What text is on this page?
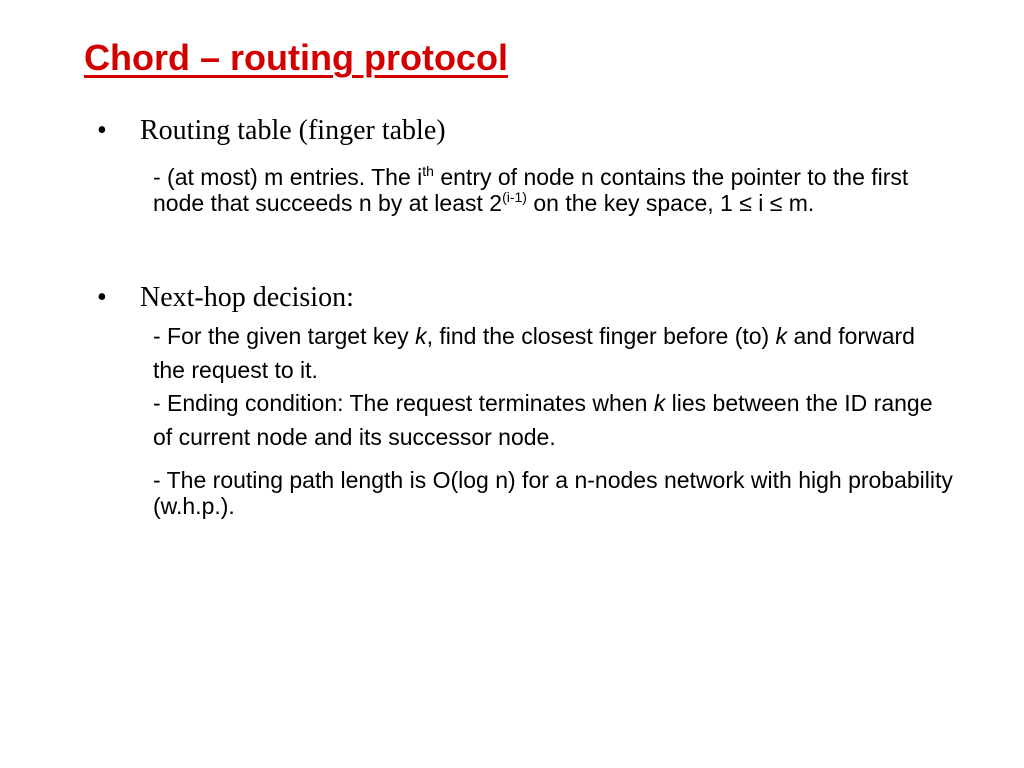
Chord – routing protocol
• Routing table (finger table)

- (at most) m entries. The $i^{th}$ entry of node n contains the pointer to the first node that succeeds n by at least 2$^{(i-1)}$ on the key space, 1 ≤ i ≤ m.

• Next-hop decision:

- For the given target key k, find the closest finger before (to) k and forward the request to it.

- Ending condition: The request terminates when k lies between the ID range of current node and its successor node.

- The routing path length is O(log n) for a n-nodes network with high probability (w.h.p.).
